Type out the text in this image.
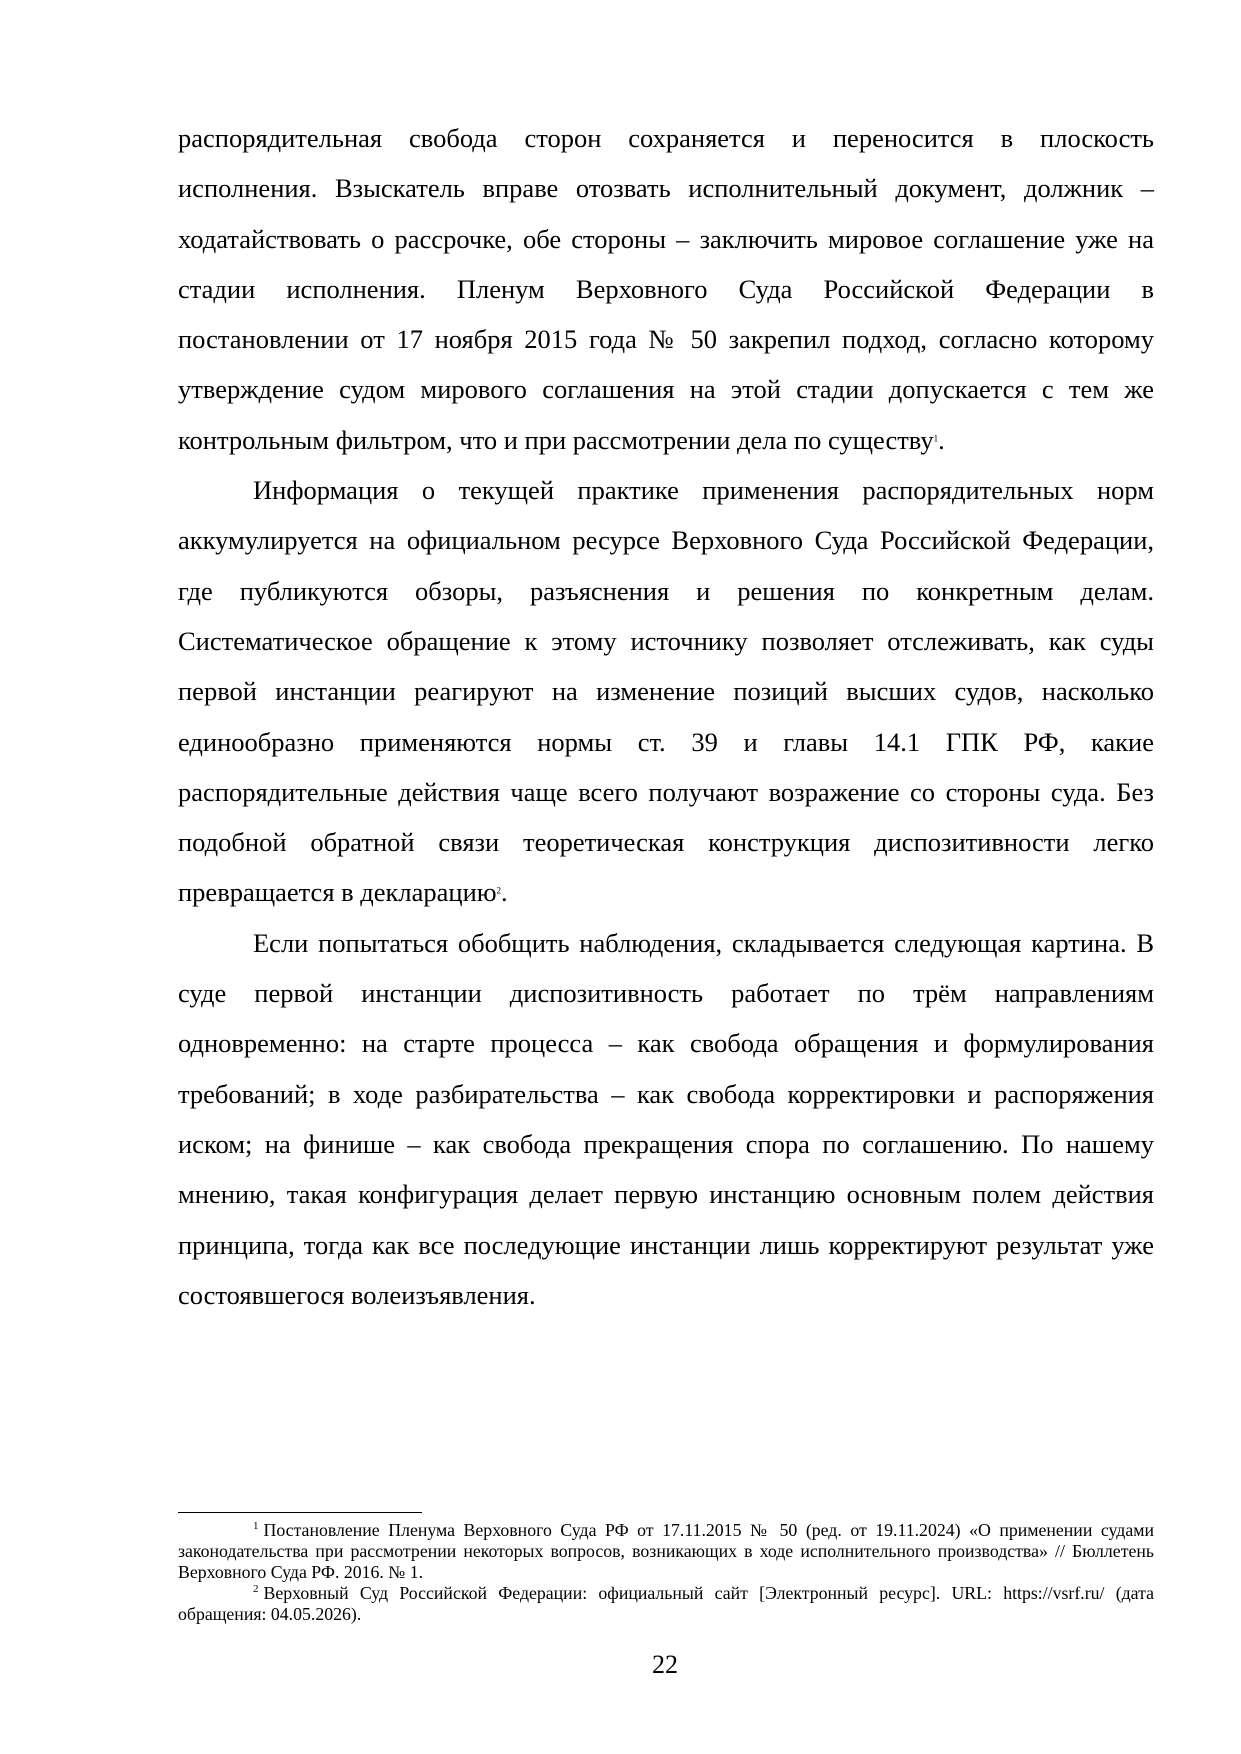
распорядительная свобода сторон сохраняется и переносится в плоскость исполнения. Взыскатель вправе отозвать исполнительный документ, должник – ходатайствовать о рассрочке, обе стороны – заключить мировое соглашение уже на стадии исполнения. Пленум Верховного Суда Российской Федерации в постановлении от 17 ноября 2015 года № 50 закрепил подход, согласно которому утверждение судом мирового соглашения на этой стадии допускается с тем же контрольным фильтром, что и при рассмотрении дела по существу$^1$.

Информация о текущей практике применения распорядительных норм аккумулируется на официальном ресурсе Верховного Суда Российской Федерации, где публикуются обзоры, разъяснения и решения по конкретным делам. Систематическое обращение к этому источнику позволяет отслеживать, как суды первой инстанции реагируют на изменение позиций высших судов, насколько единообразно применяются нормы ст. 39 и главы 14.1 ГПК РФ, какие распорядительные действия чаще всего получают возражение со стороны суда. Без подобной обратной связи теоретическая конструкция диспозитивности легко превращается в декларацию$^2$.

Если попытаться обобщить наблюдения, складывается следующая картина. В суде первой инстанции диспозитивность работает по трём направлениям одновременно: на старте процесса – как свобода обращения и формулирования требований; в ходе разбирательства – как свобода корректировки и распоряжения иском; на финише – как свобода прекращения спора по соглашению. По нашему мнению, такая конфигурация делает первую инстанцию основным полем действия принципа, тогда как все последующие инстанции лишь корректируют результат уже состоявшегося волеизъявления.

$^1$ Постановление Пленума Верховного Суда РФ от 17.11.2015 № 50 (ред. от 19.11.2024) «О применении судами законодательства при рассмотрении некоторых вопросов, возникающих в ходе исполнительного производства» // Бюллетень Верховного Суда РФ. 2016. № 1.

$^2$ Верховный Суд Российской Федерации: официальный сайт [Электронный ресурс]. URL: https://vsrf.ru/ (дата обращения: 04.05.2026).

22
